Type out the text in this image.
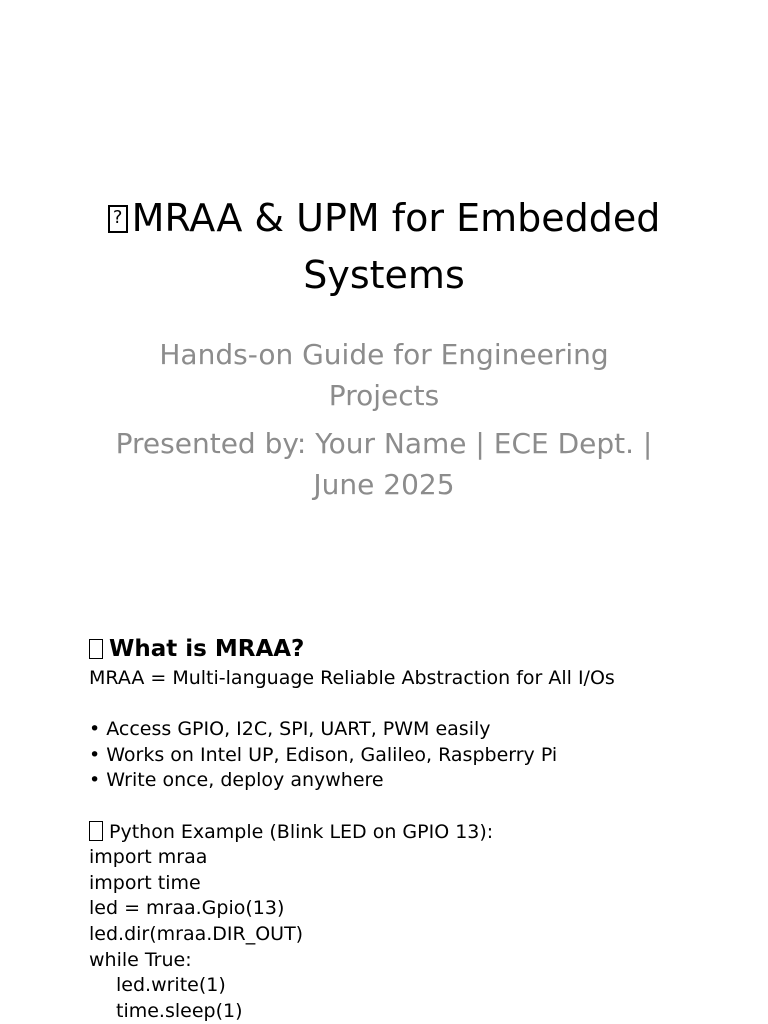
?MRAA & UPM for Embedded
Systems

Hands-on Guide for Engineering Projects

Presented by: Your Name | ECE Dept. | June 2025

What is MRAA?

MRAA = Multi-language Reliable Abstraction for All I/Os

• Access GPIO, I2C, SPI, UART, PWM easily

• Works on Intel UP, Edison, Galileo, Raspberry Pi

• Write once, deploy anywhere

Python Example (Blink LED on GPIO 13):

import mraa

import time

led = mraa.Gpio(13)

led.dir(mraa.DIR_OUT)

while True:

led.write(1)

time.sleep(1)
